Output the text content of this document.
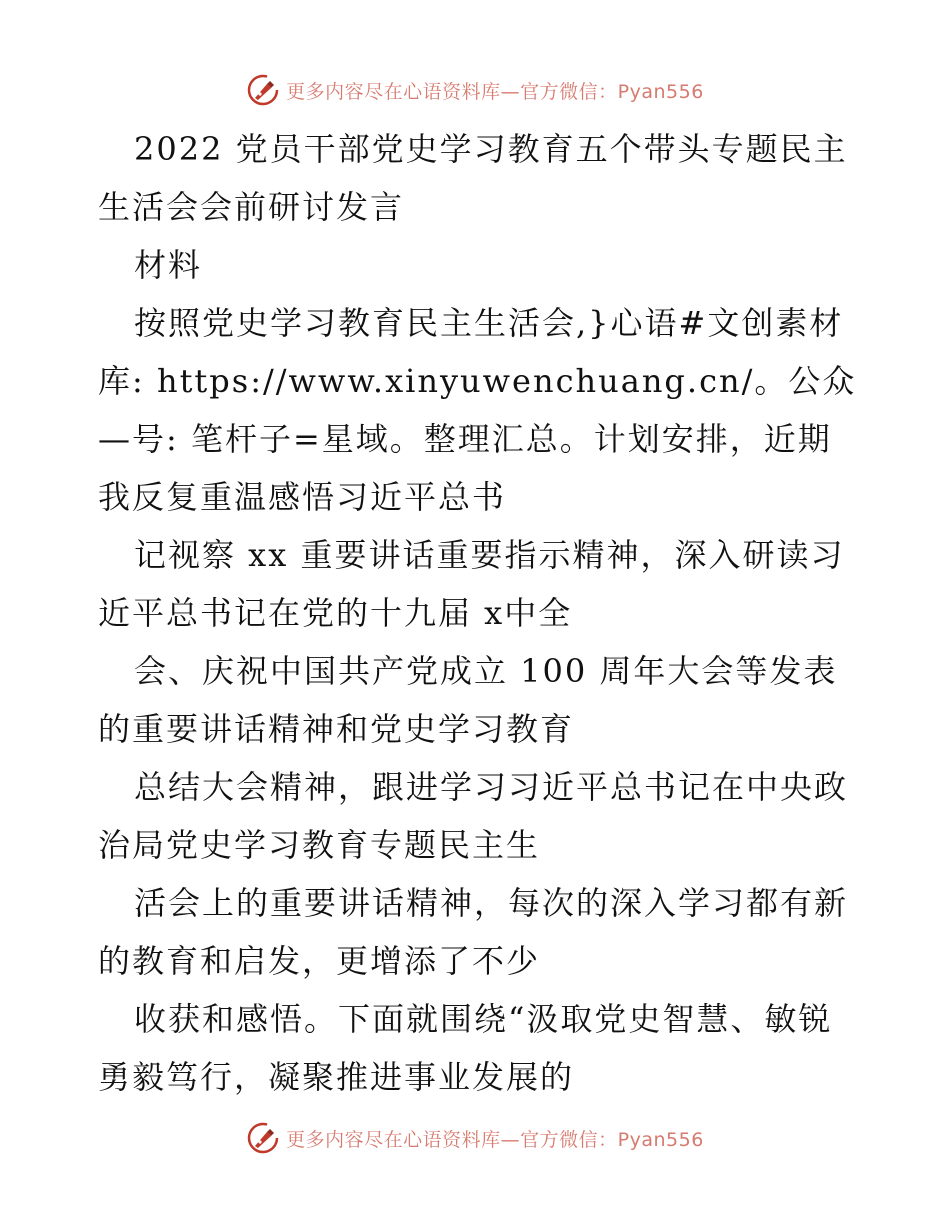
更多内容尽在心语资料库—官方微信：Pyan556

2022 党员干部党史学习教育五个带头专题民主生活会会前研讨发言

材料

按照党史学习教育民主生活会,}心语#文创素材库: https://www.xinyuwenchuang.cn/。公众—号: 笔杆子=星域。整理汇总。计划安排，近期我反复重温感悟习近平总书

记视察 xx 重要讲话重要指示精神，深入研读习近平总书记在党的十九届 x中全

会、庆祝中国共产党成立 100 周年大会等发表的重要讲话精神和党史学习教育

总结大会精神，跟进学习习近平总书记在中央政治局党史学习教育专题民主生

活会上的重要讲话精神，每次的深入学习都有新的教育和启发，更增添了不少

收获和感悟。下面就围绕“汲取党史智慧、敏锐勇毅笃行，凝聚推进事业发展的

更多内容尽在心语资料库—官方微信：Pyan556
